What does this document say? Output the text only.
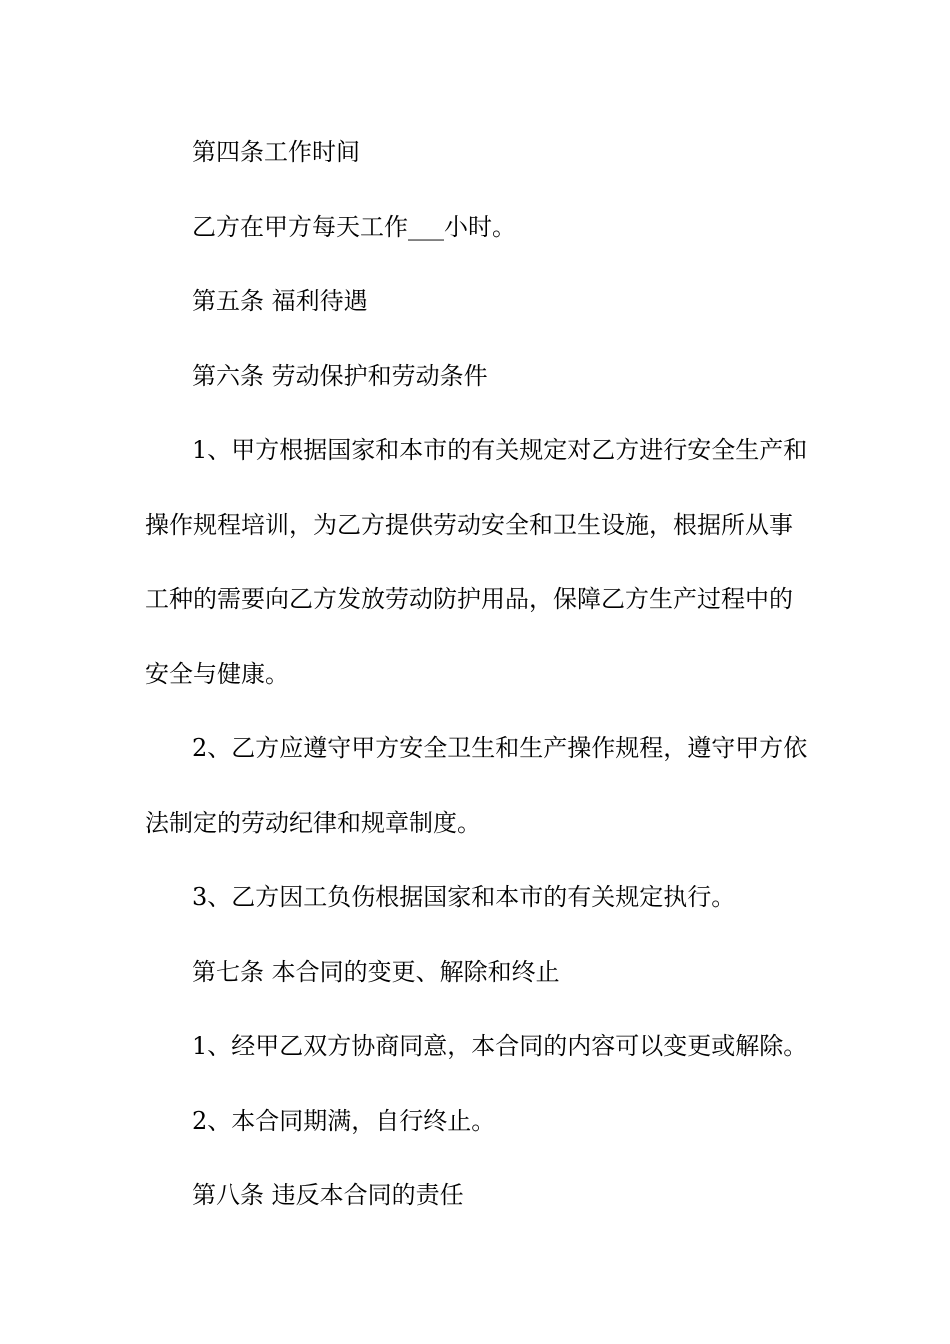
第四条工作时间
乙方在甲方每天工作___小时。
第五条 福利待遇
第六条 劳动保护和劳动条件
1、甲方根据国家和本市的有关规定对乙方进行安全生产和
操作规程培训，为乙方提供劳动安全和卫生设施，根据所从事
工种的需要向乙方发放劳动防护用品，保障乙方生产过程中的
安全与健康。
2、乙方应遵守甲方安全卫生和生产操作规程，遵守甲方依
法制定的劳动纪律和规章制度。
3、乙方因工负伤根据国家和本市的有关规定执行。
第七条 本合同的变更、解除和终止
1、经甲乙双方协商同意，本合同的内容可以变更或解除。
2、本合同期满，自行终止。
第八条 违反本合同的责任
